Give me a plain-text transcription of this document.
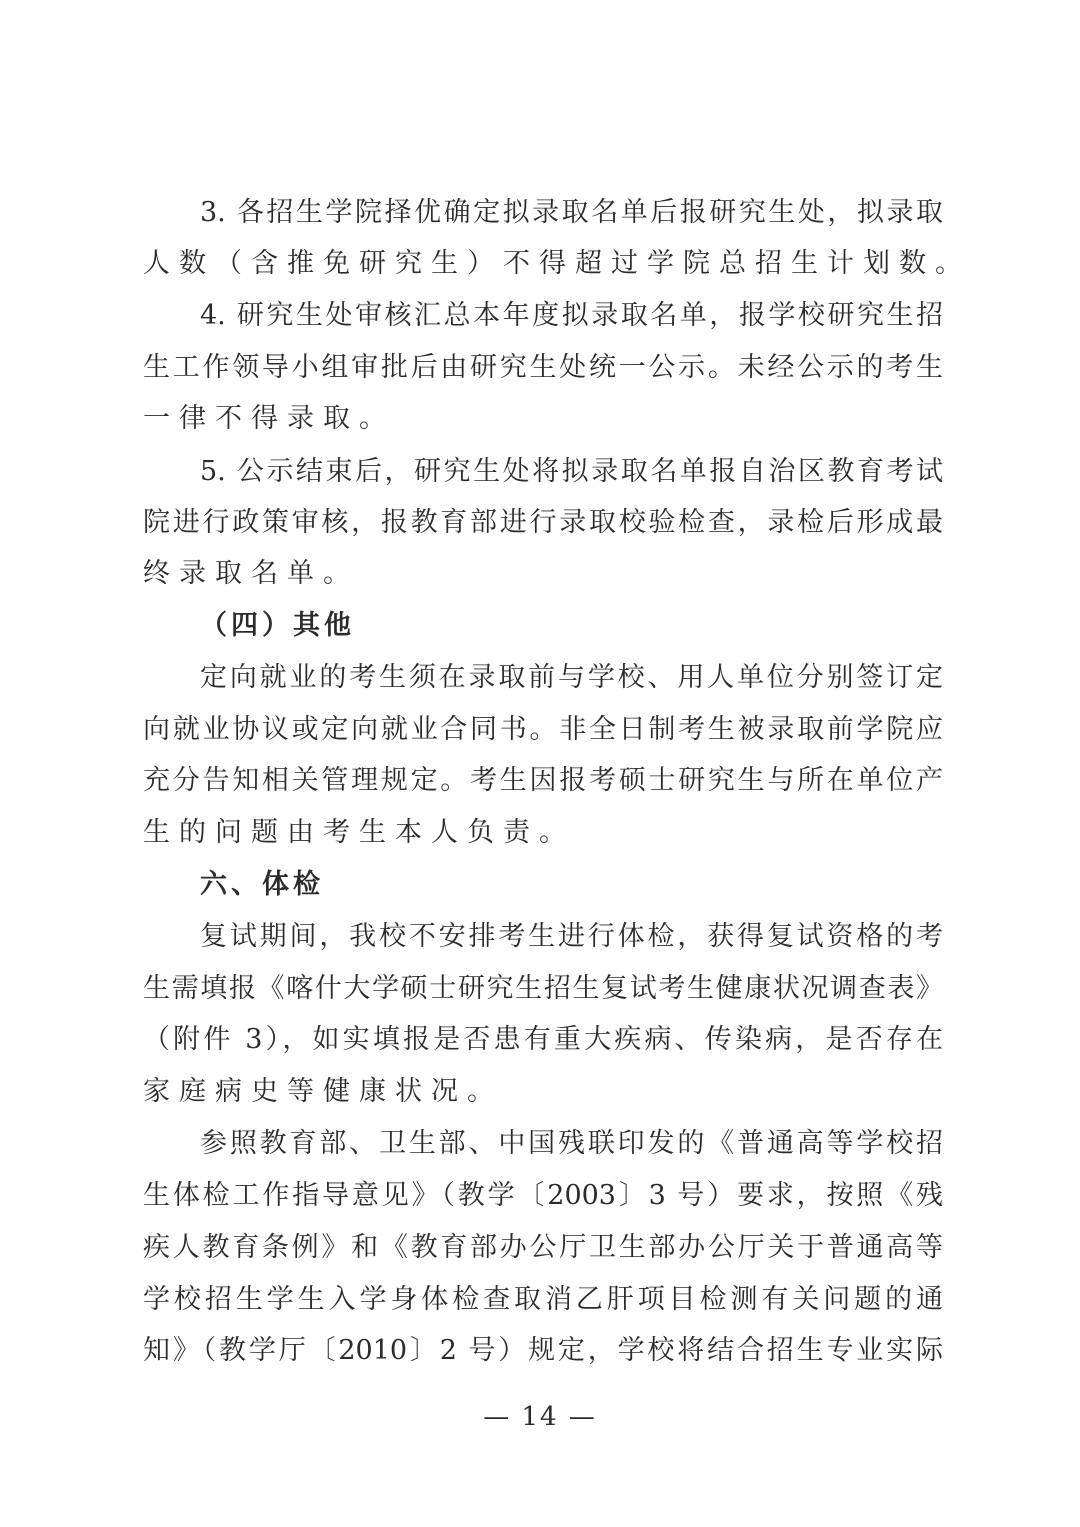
3. 各招生学院择优确定拟录取名单后报研究生处，拟录取
人数（含推免研究生）不得超过学院总招生计划数。
4. 研究生处审核汇总本年度拟录取名单，报学校研究生招
生工作领导小组审批后由研究生处统一公示。未经公示的考生
一律不得录取。
5. 公示结束后，研究生处将拟录取名单报自治区教育考试
院进行政策审核，报教育部进行录取校验检查，录检后形成最
终录取名单。
（四）其他
定向就业的考生须在录取前与学校、用人单位分别签订定
向就业协议或定向就业合同书。非全日制考生被录取前学院应
充分告知相关管理规定。考生因报考硕士研究生与所在单位产
生的问题由考生本人负责。
六、体检
复试期间，我校不安排考生进行体检，获得复试资格的考
生需填报《喀什大学硕士研究生招生复试考生健康状况调查表》
（附件 3），如实填报是否患有重大疾病、传染病，是否存在
家庭病史等健康状况。
参照教育部、卫生部、中国残联印发的《普通高等学校招
生体检工作指导意见》（教学〔2003〕3 号）要求，按照《残
疾人教育条例》和《教育部办公厅卫生部办公厅关于普通高等
学校招生学生入学身体检查取消乙肝项目检测有关问题的通
知》（教学厅〔2010〕2 号）规定，学校将结合招生专业实际
— 14 —
